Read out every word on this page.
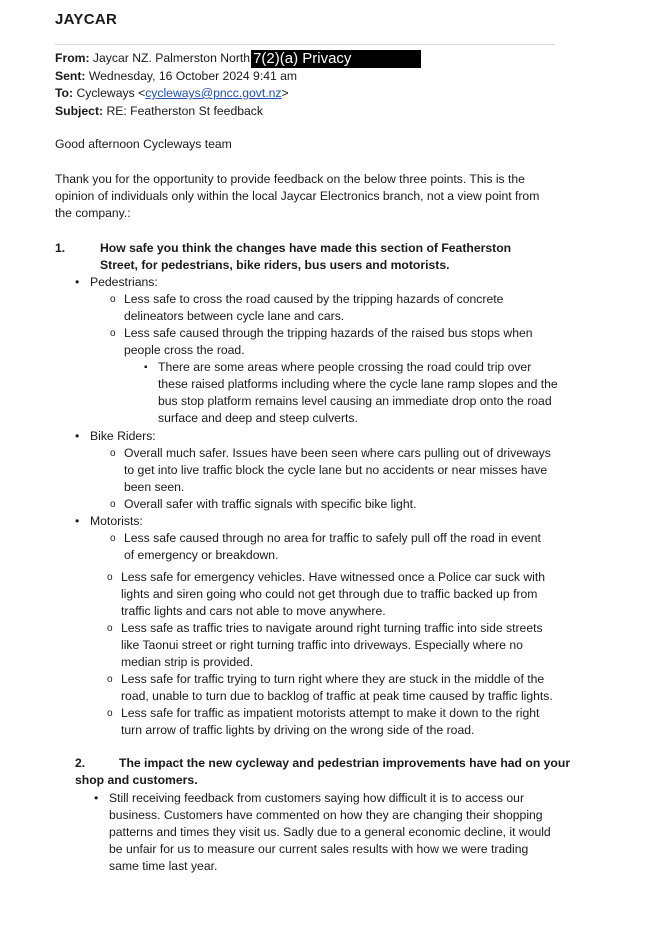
JAYCAR
From: Jaycar NZ. Palmerston North 7(2)(a) Privacy
Sent: Wednesday, 16 October 2024 9:41 am
To: Cycleways <cycleways@pncc.govt.nz>
Subject: RE: Featherston St feedback
Good afternoon Cycleways team
Thank you for the opportunity to provide feedback on the below three points. This is the opinion of individuals only within the local Jaycar Electronics branch, not a view point from the company.:
1.	How safe you think the changes have made this section of Featherston Street, for pedestrians, bike riders, bus users and motorists.
• Pedestrians:
o Less safe to cross the road caused by the tripping hazards of concrete delineators between cycle lane and cars.
o Less safe caused through the tripping hazards of the raised bus stops when people cross the road.
▪ There are some areas where people crossing the road could trip over these raised platforms including where the cycle lane ramp slopes and the bus stop platform remains level causing an immediate drop onto the road surface and deep and steep culverts.
• Bike Riders:
o Overall much safer. Issues have been seen where cars pulling out of driveways to get into live traffic block the cycle lane but no accidents or near misses have been seen.
o Overall safer with traffic signals with specific bike light.
• Motorists:
o Less safe caused through no area for traffic to safely pull off the road in event of emergency or breakdown.
o Less safe for emergency vehicles. Have witnessed once a Police car suck with lights and siren going who could not get through due to traffic backed up from traffic lights and cars not able to move anywhere.
o Less safe as traffic tries to navigate around right turning traffic into side streets like Taonui street or right turning traffic into driveways. Especially where no median strip is provided.
o Less safe for traffic trying to turn right where they are stuck in the middle of the road, unable to turn due to backlog of traffic at peak time caused by traffic lights.
o Less safe for traffic as impatient motorists attempt to make it down to the right turn arrow of traffic lights by driving on the wrong side of the road.
2.	The impact the new cycleway and pedestrian improvements have had on your shop and customers.
• Still receiving feedback from customers saying how difficult it is to access our business. Customers have commented on how they are changing their shopping patterns and times they visit us. Sadly due to a general economic decline, it would be unfair for us to measure our current sales results with how we were trading same time last year.
